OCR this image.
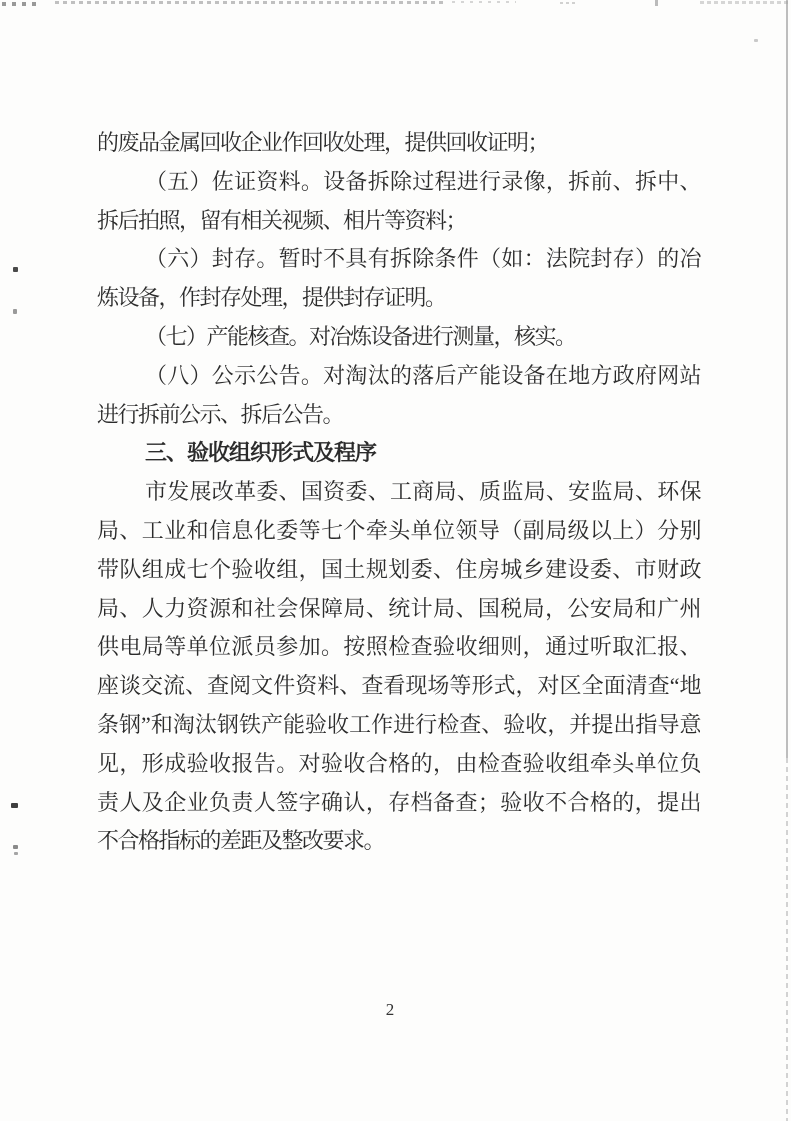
的废品金属回收企业作回收处理，提供回收证明；
（五）佐证资料。设备拆除过程进行录像，拆前、拆中、
拆后拍照，留有相关视频、相片等资料；
（六）封存。暂时不具有拆除条件（如：法院封存）的冶
炼设备，作封存处理，提供封存证明。
（七）产能核查。对冶炼设备进行测量，核实。
（八）公示公告。对淘汰的落后产能设备在地方政府网站
进行拆前公示、拆后公告。
三、验收组织形式及程序
市发展改革委、国资委、工商局、质监局、安监局、环保
局、工业和信息化委等七个牵头单位领导（副局级以上）分别
带队组成七个验收组，国土规划委、住房城乡建设委、市财政
局、人力资源和社会保障局、统计局、国税局，公安局和广州
供电局等单位派员参加。按照检查验收细则，通过听取汇报、
座谈交流、查阅文件资料、查看现场等形式，对区全面清查“地
条钢”和淘汰钢铁产能验收工作进行检查、验收，并提出指导意
见，形成验收报告。对验收合格的，由检查验收组牵头单位负
责人及企业负责人签字确认，存档备查；验收不合格的，提出
不合格指标的差距及整改要求。
2
